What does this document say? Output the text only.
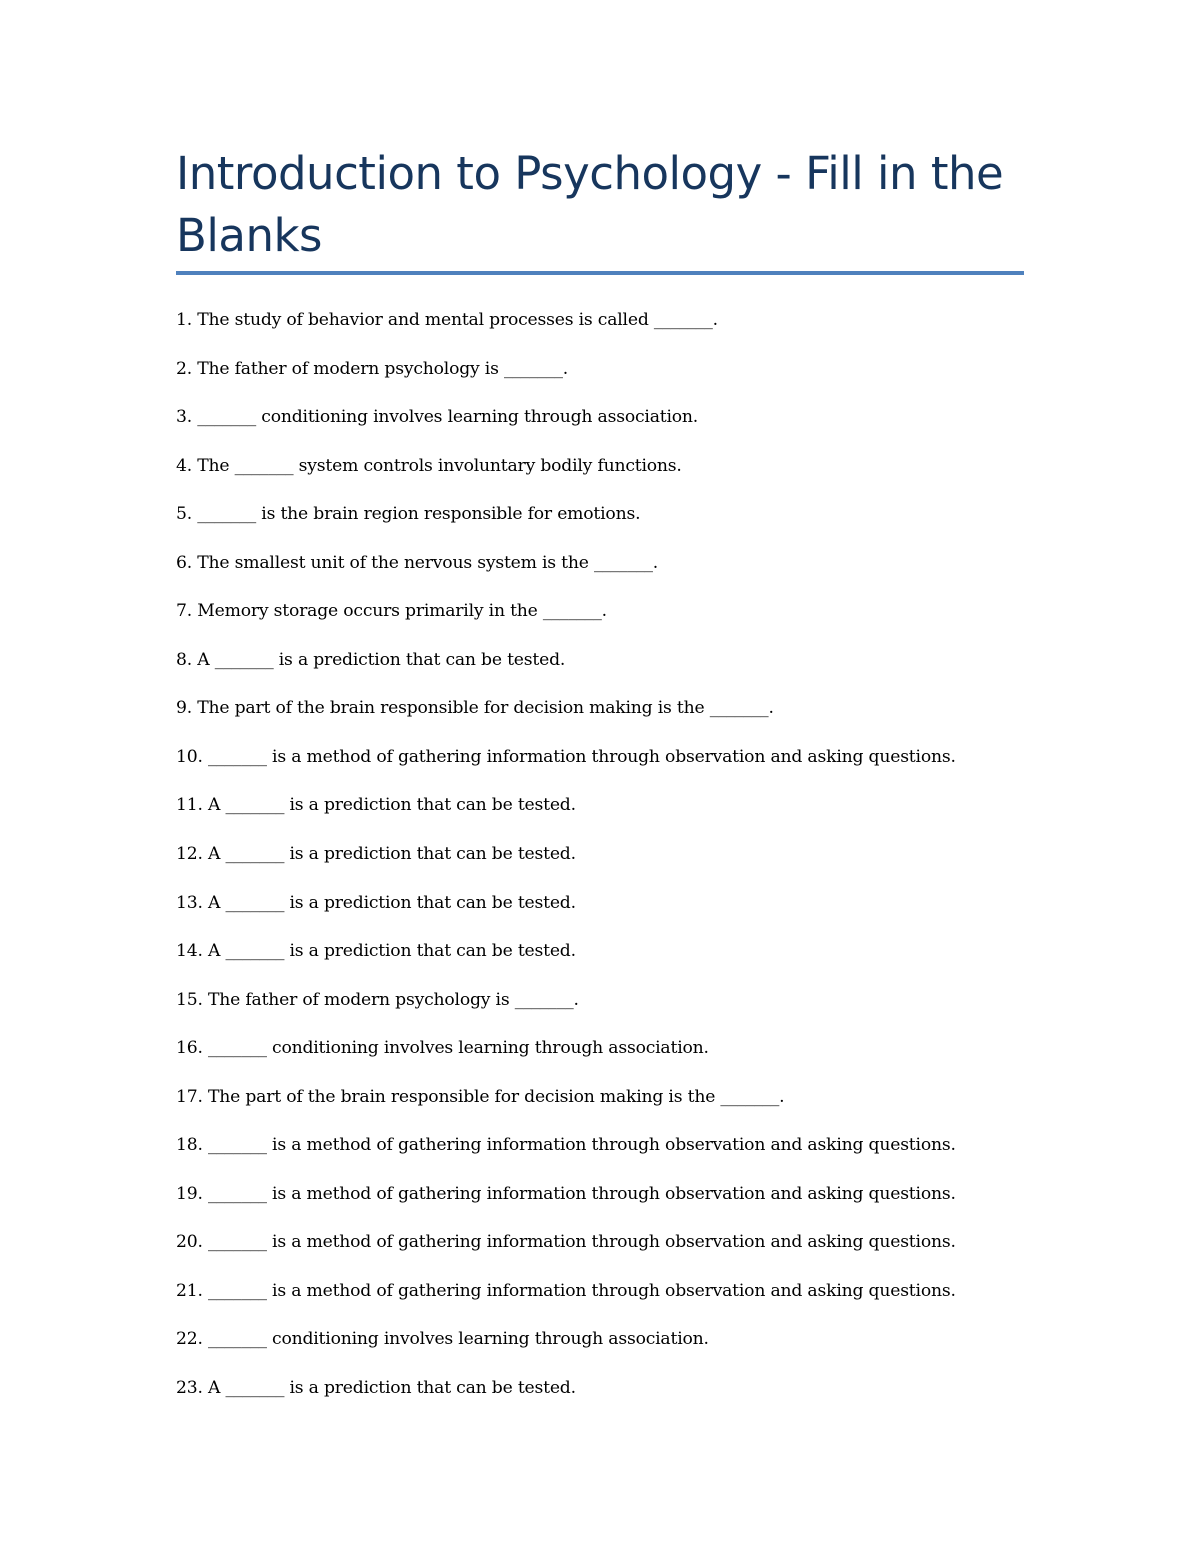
Introduction to Psychology - Fill in the Blanks
1. The study of behavior and mental processes is called _______.
2. The father of modern psychology is _______.
3. _______ conditioning involves learning through association.
4. The _______ system controls involuntary bodily functions.
5. _______ is the brain region responsible for emotions.
6. The smallest unit of the nervous system is the _______.
7. Memory storage occurs primarily in the _______.
8. A _______ is a prediction that can be tested.
9. The part of the brain responsible for decision making is the _______.
10. _______ is a method of gathering information through observation and asking questions.
11. A _______ is a prediction that can be tested.
12. A _______ is a prediction that can be tested.
13. A _______ is a prediction that can be tested.
14. A _______ is a prediction that can be tested.
15. The father of modern psychology is _______.
16. _______ conditioning involves learning through association.
17. The part of the brain responsible for decision making is the _______.
18. _______ is a method of gathering information through observation and asking questions.
19. _______ is a method of gathering information through observation and asking questions.
20. _______ is a method of gathering information through observation and asking questions.
21. _______ is a method of gathering information through observation and asking questions.
22. _______ conditioning involves learning through association.
23. A _______ is a prediction that can be tested.
